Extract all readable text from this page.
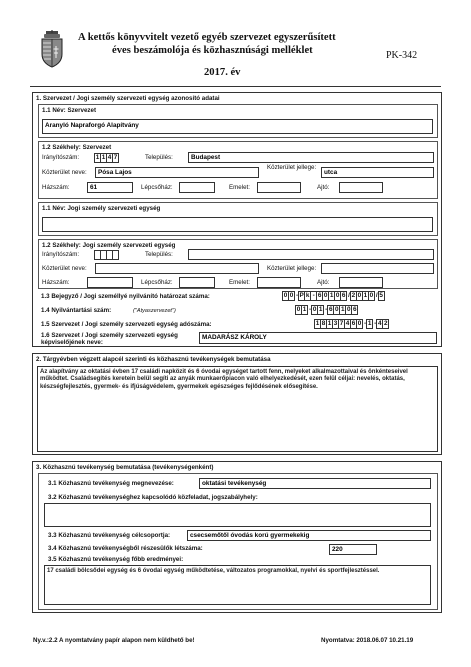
A kettős könyvvitelt vezető egyéb szervezet egyszerűsített
éves beszámolója és közhasznúsági melléklet
2017. év
PK-342
1. Szervezet / Jogi személy szervezeti egység azonosító adatai
1.1 Név: Szervezet
Aranyló Napraforgó Alapítvány
1.2 Székhely: Szervezet
Irányítószám:	1 1 4 7	Település:	Budapest
Közterület neve: Pósa Lajos
Közterület jellege:
utca
Házszám:	61	Lépcsőház:	Emelet:	Ajtó:
1.1 Név: Jogi személy szervezeti egység
1.2 Székhely: Jogi személy szervezeti egység
Irányítószám:	Település:
Közterület neve:	Közterület jellege:
Házszám:	Lépcsőház:	Emelet:	Ajtó:
1.3 Bejegyző / Jogi személlyé nyilvánító határozat száma:	0 0 - P k - 6 0 1 0 6 2 0 1 0 5
1.4 Nyilvántartási szám:	("Atyaszervezet")	0 1 - 0 1 - 6 0 1 0 6
1.5 Szervezet / Jogi személy szervezeti egység adószáma:	1 8 1 3 7 4 6 0 - 1 - 4 2
1.6 Szervezet / Jogi személy szervezeti egység
képviselőjének neve:
MADARÁSZ KÁROLY
2. Tárgyévben végzett alapcél szerinti és közhasznú tevékenységek bemutatása
Az alapítvány az oktatási évben 17 családi napközit és 6 óvodai egységet tartott fenn, melyeket alkalmazottaival és önkénteseivel működtet. Családsegítés keretein belül segíti az anyák munkaerőpiacon való elhelyezkedését, ezen felül céljai: nevelés, oktatás, készségfejlesztés, gyermek- és ifjúságvédelem, gyermekek egészséges fejlődésének elősegítése.
3. Közhasznú tevékenység bemutatása (tevékenységenként)
3.1 Közhasznú tevékenység megnevezése:	oktatási tevékenység
3.2 Közhasznú tevékenységhez kapcsolódó közfeladat, jogszabályhely:
3.3 Közhasznú tevékenység célcsoportja:	csecsemőtől óvodás korú gyermekekig
3.4 Közhasznú tevékenységből részesülők létszáma:	220
3.5 Közhasznú tevékenység főbb eredményei:
17 családi bölcsődei egység és 6 óvodai egység működtetése, változatos programokkal, nyelvi és sportfejlesztéssel.
Ny.v.:2.2 A nyomtatvány papír alapon nem küldhető be!	Nyomtatva: 2018.06.07 10.21.19
